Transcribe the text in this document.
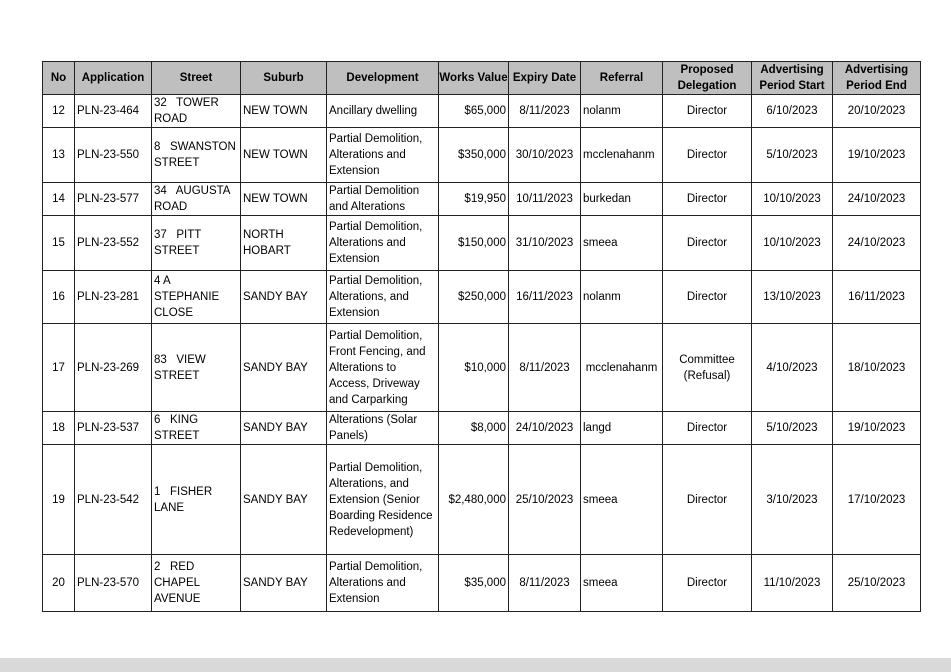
No	Application	Street	Suburb	Development	Works Value	Expiry Date	Referral	Proposed Delegation	Advertising Period Start	Advertising Period End
12	PLN-23-464	32   TOWER ROAD	NEW TOWN	Ancillary dwelling	$65,000	8/11/2023	nolanm	Director	6/10/2023	20/10/2023
13	PLN-23-550	8   SWANSTON STREET	NEW TOWN	Partial Demolition, Alterations and Extension	$350,000	30/10/2023	mcclenahanm	Director	5/10/2023	19/10/2023
14	PLN-23-577	34   AUGUSTA ROAD	NEW TOWN	Partial Demolition and Alterations	$19,950	10/11/2023	burkedan	Director	10/10/2023	24/10/2023
15	PLN-23-552	37   PITT STREET	NORTH HOBART	Partial Demolition, Alterations and Extension	$150,000	31/10/2023	smeea	Director	10/10/2023	24/10/2023
16	PLN-23-281	4 A STEPHANIE CLOSE	SANDY BAY	Partial Demolition, Alterations, and Extension	$250,000	16/11/2023	nolanm	Director	13/10/2023	16/11/2023
17	PLN-23-269	83   VIEW STREET	SANDY BAY	Partial Demolition, Front Fencing, and Alterations to Access, Driveway and Carparking	$10,000	8/11/2023	mcclenahanm	Committee (Refusal)	4/10/2023	18/10/2023
18	PLN-23-537	6   KING STREET	SANDY BAY	Alterations (Solar Panels)	$8,000	24/10/2023	langd	Director	5/10/2023	19/10/2023
19	PLN-23-542	1   FISHER LANE	SANDY BAY	Partial Demolition, Alterations, and Extension (Senior Boarding Residence Redevelopment)	$2,480,000	25/10/2023	smeea	Director	3/10/2023	17/10/2023
20	PLN-23-570	2   RED CHAPEL AVENUE	SANDY BAY	Partial Demolition, Alterations and Extension	$35,000	8/11/2023	smeea	Director	11/10/2023	25/10/2023
